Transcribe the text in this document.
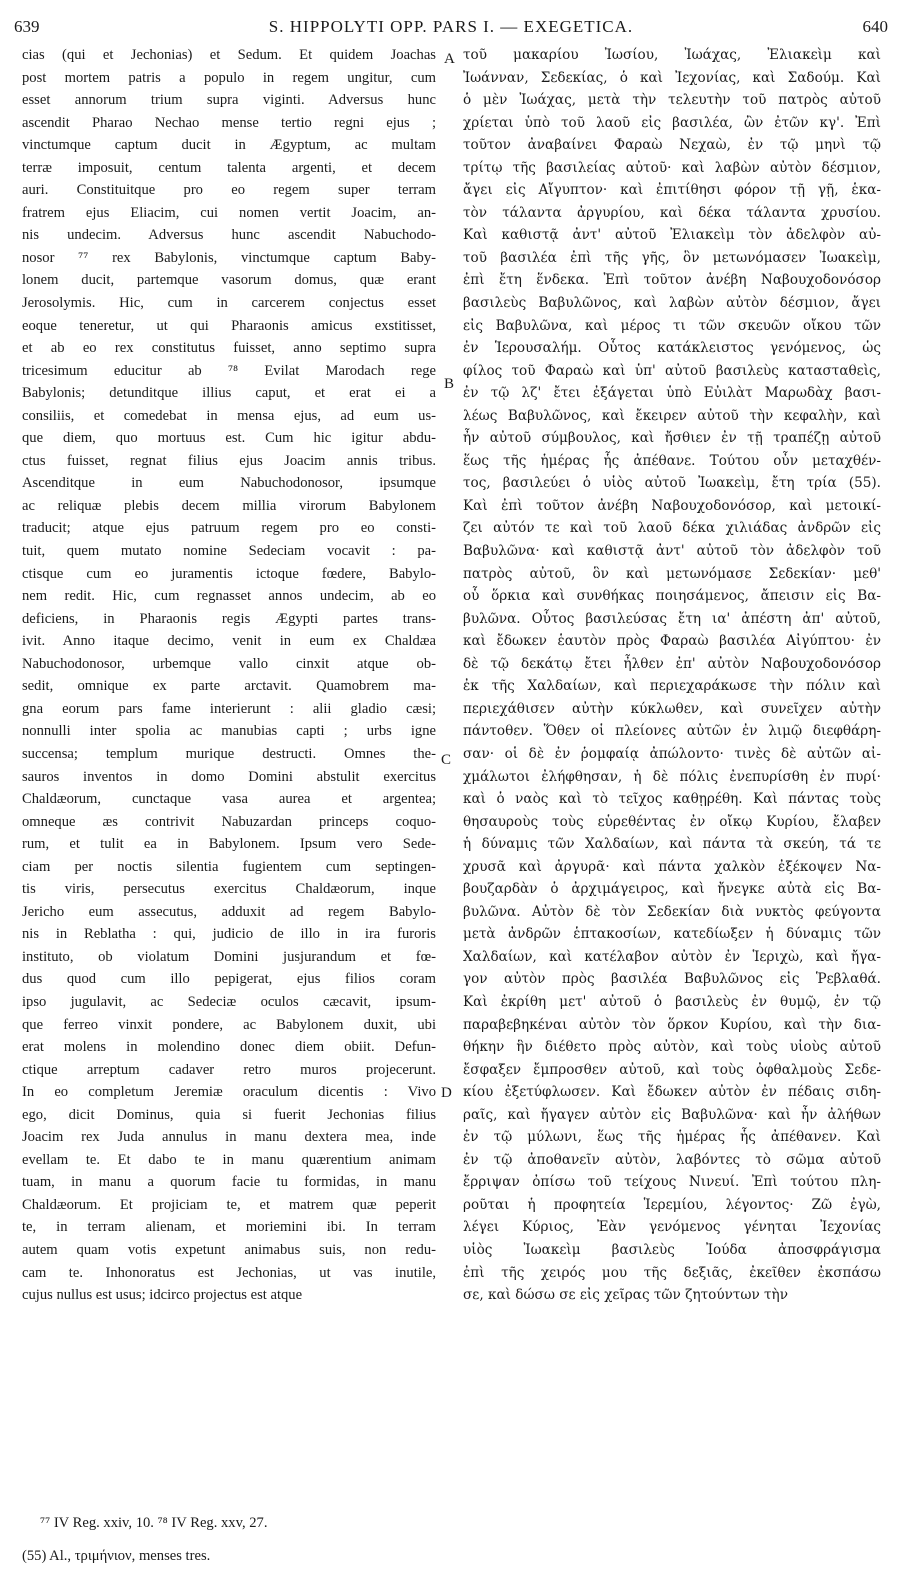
639	S. HIPPOLYTI OPP. PARS I. — EXEGETICA.	640
cias (qui et Jechonias) et Sedum. Et quidem Joachas
post mortem patris a populo in regem ungitur, cum
esset annorum trium supra viginti. Adversus hunc
ascendit Pharao Nechao mense tertio regni ejus ;
vinctumque captum ducit in Ægyptum, ac multam
terræ imposuit, centum talenta argenti, et decem
auri. Constituitque pro eo regem super terram
fratrem ejus Eliacim, cui nomen vertit Joacim, an-
nis undecim. Adversus hunc ascendit Nabuchodo-
nosor ⁷⁷ rex Babylonis, vinctumque captum Baby-
lonem ducit, partemque vasorum domus, quæ erant
Jerosolymis. Hic, cum in carcerem conjectus esset
eoque teneretur, ut qui Pharaonis amicus exstitisset,
et ab eo rex constitutus fuisset, anno septimo supra
tricesimum educitur ab ⁷⁸ Evilat Marodach rege
Babylonis; detunditque illius caput, et erat ei a
consiliis, et comedebat in mensa ejus, ad eum us-
que diem, quo mortuus est. Cum hic igitur abdu-
ctus fuisset, regnat filius ejus Joacim annis tribus.
Ascenditque in eum Nabuchodonosor, ipsumque
ac reliquæ plebis decem millia virorum Babylonem
traducit; atque ejus patruum regem pro eo consti-
tuit, quem mutato nomine Sedeciam vocavit : pa-
ctisque cum eo juramentis ictoque fœdere, Babylo-
nem redit. Hic, cum regnasset annos undecim, ab eo
deficiens, in Pharaonis regis Ægypti partes trans-
ivit. Anno itaque decimo, venit in eum ex Chaldæa
Nabuchodonosor, urbemque vallo cinxit atque ob-
sedit, omnique ex parte arctavit. Quamobrem ma-
gna eorum pars fame interierunt : alii gladio cæsi;
nonnulli inter spolia ac manubias capti ; urbs igne
succensa; templum murique destructi. Omnes the-
sauros inventos in domo Domini abstulit exercitus
Chaldæorum, cunctaque vasa aurea et argentea;
omneque æs contrivit Nabuzardan princeps coquo-
rum, et tulit ea in Babylonem. Ipsum vero Sede-
ciam per noctis silentia fugientem cum septingen-
tis viris, persecutus exercitus Chaldæorum, inque
Jericho eum assecutus, adduxit ad regem Babylo-
nis in Reblatha : qui, judicio de illo in ira furoris
instituto, ob violatum Domini jusjurandum et fœ-
dus quod cum illo pepigerat, ejus filios coram
ipso jugulavit, ac Sedeciæ oculos cæcavit, ipsum-
que ferreo vinxit pondere, ac Babylonem duxit, ubi
erat molens in molendino donec diem obiit. Defun-
ctique arreptum cadaver retro muros projecerunt.
In eo completum Jeremiæ oraculum dicentis : Vivo
ego, dicit Dominus, quia si fuerit Jechonias filius
Joacim rex Juda annulus in manu dextera mea, inde
evellam te. Et dabo te in manu quærentium animam
tuam, in manu a quorum facie tu formidas, in manu
Chaldæorum. Et projiciam te, et matrem quæ peperit
te, in terram alienam, et moriemini ibi. In terram
autem quam votis expetunt animabus suis, non redu-
cam te. Inhonoratus est Jechonias, ut vas inutile,
cujus nullus est usus; idcirco projectus est atque
τοῦ μακαρίου Ἰωσίου, Ἰωάχας, Ἐλιακεὶμ καὶ
Ἰωάνναν, Σεδεκίας, ὁ καὶ Ἰεχονίας, καὶ Σαδούμ. Καὶ
ὁ μὲν Ἰωάχας, μετὰ τὴν τελευτὴν τοῦ πατρὸς αὐτοῦ
χρίεται ὑπὸ τοῦ λαοῦ εἰς βασιλέα, ὢν ἐτῶν κγ'. Ἐπὶ
τοῦτον ἀναβαίνει Φαραὼ Νεχαὼ, ἐν τῷ μηνὶ τῷ
τρίτῳ τῆς βασιλείας αὐτοῦ· καὶ λαβὼν αὐτὸν δέσμιον,
ἄγει εἰς Αἴγυπτον· καὶ ἐπιτίθησι φόρον τῇ γῇ, ἑκα-
τὸν τάλαντα ἀργυρίου, καὶ δέκα τάλαντα χρυσίου.
Καὶ καθιστᾷ ἀντ' αὐτοῦ Ἐλιακεὶμ τὸν ἀδελφὸν αὐ-
τοῦ βασιλέα ἐπὶ τῆς γῆς, ὃν μετωνόμασεν Ἰωακεὶμ,
ἐπὶ ἔτη ἕνδεκα. Ἐπὶ τοῦτον ἀνέβη Ναβουχοδονόσορ
βασιλεὺς Βαβυλῶνος, καὶ λαβὼν αὐτὸν δέσμιον, ἄγει
εἰς Βαβυλῶνα, καὶ μέρος τι τῶν σκευῶν οἴκου τῶν
ἐν Ἱερουσαλήμ. Οὗτος κατάκλειστος γενόμενος, ὡς
φίλος τοῦ Φαραὼ καὶ ὑπ' αὐτοῦ βασιλεὺς κατασταθεὶς,
ἐν τῷ λζ' ἔτει ἐξάγεται ὑπὸ Εὐιλὰτ Μαρωδὰχ βασι-
λέως Βαβυλῶνος, καὶ ἔκειρεν αὐτοῦ τὴν κεφαλὴν, καὶ
ἦν αὐτοῦ σύμβουλος, καὶ ἤσθιεν ἐν τῇ τραπέζῃ αὐτοῦ
ἕως τῆς ἡμέρας ἧς ἀπέθανε. Τούτου οὖν μεταχθέν-
τος, βασιλεύει ὁ υἱὸς αὐτοῦ Ἰωακεὶμ, ἔτη τρία (55).
Καὶ ἐπὶ τοῦτον ἀνέβη Ναβουχοδονόσορ, καὶ μετοικί-
ζει αὐτόν τε καὶ τοῦ λαοῦ δέκα χιλιάδας ἀνδρῶν εἰς
Βαβυλῶνα· καὶ καθιστᾷ ἀντ' αὐτοῦ τὸν ἀδελφὸν τοῦ
πατρὸς αὐτοῦ, ὃν καὶ μετωνόμασε Σεδεκίαν· μεθ'
οὗ ὅρκια καὶ συνθήκας ποιησάμενος, ἄπεισιν εἰς Βα-
βυλῶνα. Οὗτος βασιλεύσας ἔτη ια' ἀπέστη ἀπ' αὐτοῦ,
καὶ ἔδωκεν ἑαυτὸν πρὸς Φαραὼ βασιλέα Αἰγύπτου· ἐν
δὲ τῷ δεκάτῳ ἔτει ἦλθεν ἐπ' αὐτὸν Ναβουχοδονόσορ
ἐκ τῆς Χαλδαίων, καὶ περιεχαράκωσε τὴν πόλιν καὶ
περιεχάθισεν αὐτὴν κύκλωθεν, καὶ συνεῖχεν αὐτὴν
πάντοθεν. Ὅθεν οἱ πλείονες αὐτῶν ἐν λιμῷ διεφθάρη-
σαν· οἱ δὲ ἐν ῥομφαίᾳ ἀπώλοντο· τινὲς δὲ αὐτῶν αἰ-
χμάλωτοι ἐλήφθησαν, ἡ δὲ πόλις ἐνεπυρίσθη ἐν πυρί·
καὶ ὁ ναὸς καὶ τὸ τεῖχος καθῃρέθη. Καὶ πάντας τοὺς
θησαυροὺς τοὺς εὑρεθέντας ἐν οἴκῳ Κυρίου, ἔλαβεν
ἡ δύναμις τῶν Χαλδαίων, καὶ πάντα τὰ σκεύη, τά τε
χρυσᾶ καὶ ἀργυρᾶ· καὶ πάντα χαλκὸν ἐξέκοψεν Να-
βουζαρδὰν ὁ ἀρχιμάγειρος, καὶ ἤνεγκε αὐτὰ εἰς Βα-
βυλῶνα. Αὐτὸν δὲ τὸν Σεδεκίαν διὰ νυκτὸς φεύγοντα
μετὰ ἀνδρῶν ἑπτακοσίων, κατεδίωξεν ἡ δύναμις τῶν
Χαλδαίων, καὶ κατέλαβον αὐτὸν ἐν Ἱεριχὼ, καὶ ἤγα-
γον αὐτὸν πρὸς βασιλέα Βαβυλῶνος εἰς Ῥεβλαθά.
Καὶ ἐκρίθη μετ' αὐτοῦ ὁ βασιλεὺς ἐν θυμῷ, ἐν τῷ
παραβεβηκέναι αὐτὸν τὸν ὅρκον Κυρίου, καὶ τὴν δια-
θήκην ἣν διέθετο πρὸς αὐτὸν, καὶ τοὺς υἱοὺς αὐτοῦ
ἔσφαξεν ἔμπροσθεν αὐτοῦ, καὶ τοὺς ὀφθαλμοὺς Σεδε-
κίου ἐξετύφλωσεν. Καὶ ἔδωκεν αὐτὸν ἐν πέδαις σιδη-
ραῖς, καὶ ἤγαγεν αὐτὸν εἰς Βαβυλῶνα· καὶ ἦν ἀλήθων
ἐν τῷ μύλωνι, ἕως τῆς ἡμέρας ἧς ἀπέθανεν. Καὶ
ἐν τῷ ἀποθανεῖν αὐτὸν, λαβόντες τὸ σῶμα αὐτοῦ
ἔρριψαν ὀπίσω τοῦ τείχους Νινευί. Ἐπὶ τούτου πλη-
ροῦται ἡ προφητεία Ἱερεμίου, λέγοντος· Ζῶ ἐγὼ,
λέγει Κύριος, Ἐὰν γενόμενος γένηται Ἰεχονίας
υἱὸς Ἰωακεὶμ βασιλεὺς Ἰούδα ἀποσφράγισμα
ἐπὶ τῆς χειρός μου τῆς δεξιᾶς, ἐκεῖθεν ἐκσπάσω
σε, καὶ δώσω σε εἰς χεῖρας τῶν ζητούντων τὴν
A
B
C
D
⁷⁷ IV Reg. xxiv, 10. ⁷⁸ IV Reg. xxv, 27.
(55) Al., τριμήνιον, menses tres.
